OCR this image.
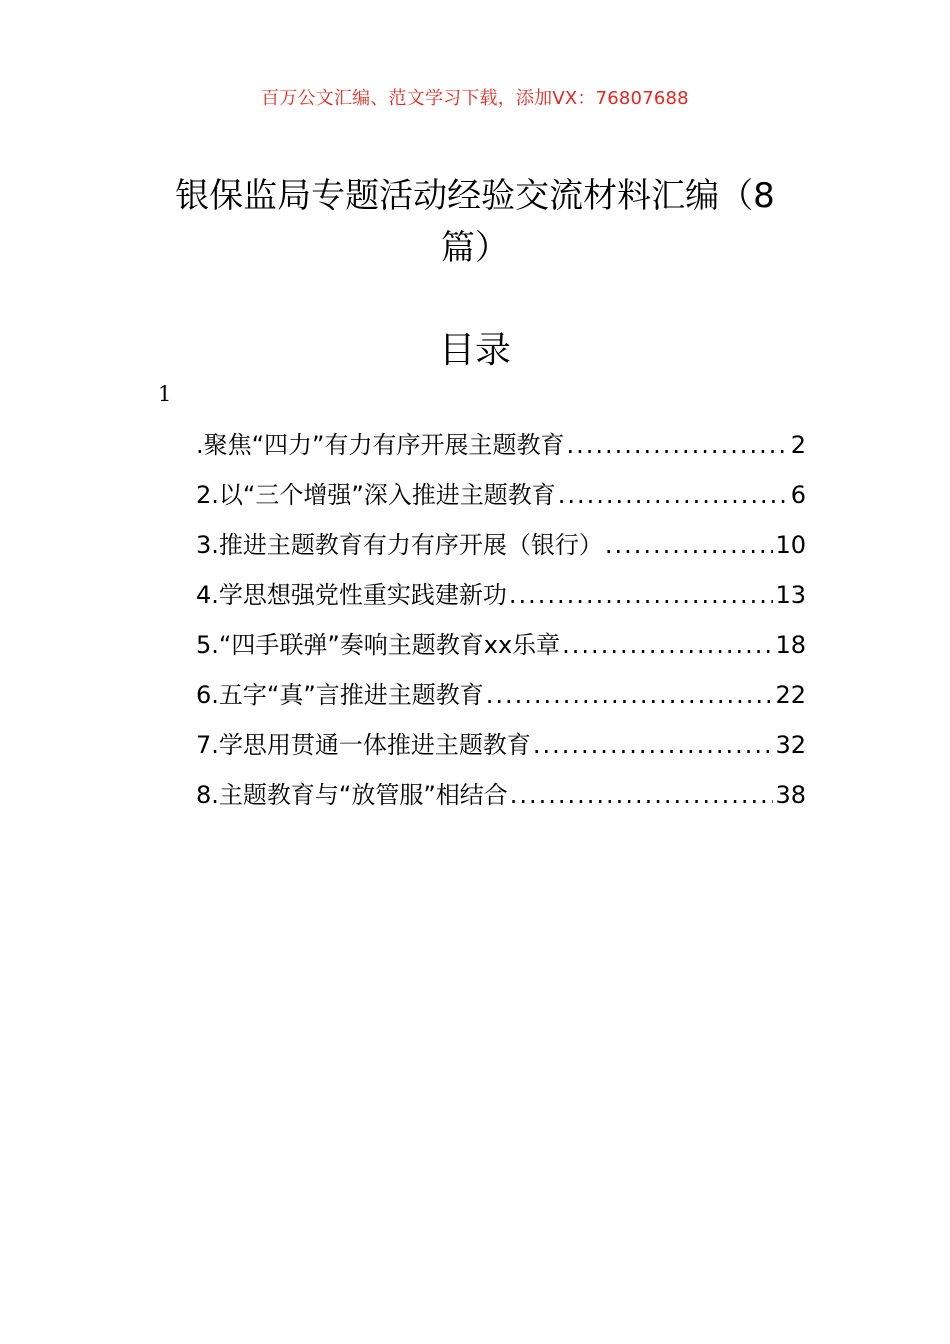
百万公文汇编、范文学习下载，添加VX：76807688
银保监局专题活动经验交流材料汇编（8篇）
目录
1
.聚焦“四力”有力有序开展主题教育 .....	2
2.以“三个增强”深入推进主题教育 .....	6
3.推进主题教育有力有序开展（银行） .....	10
4.学思想强党性重实践建新功 .....	13
5.“四手联弹”奏响主题教育xx乐章 .....	18
6.五字“真”言推进主题教育 .....	22
7.学思用贯通一体推进主题教育 .....	32
8.主题教育与“放管服”相结合 .....	38
